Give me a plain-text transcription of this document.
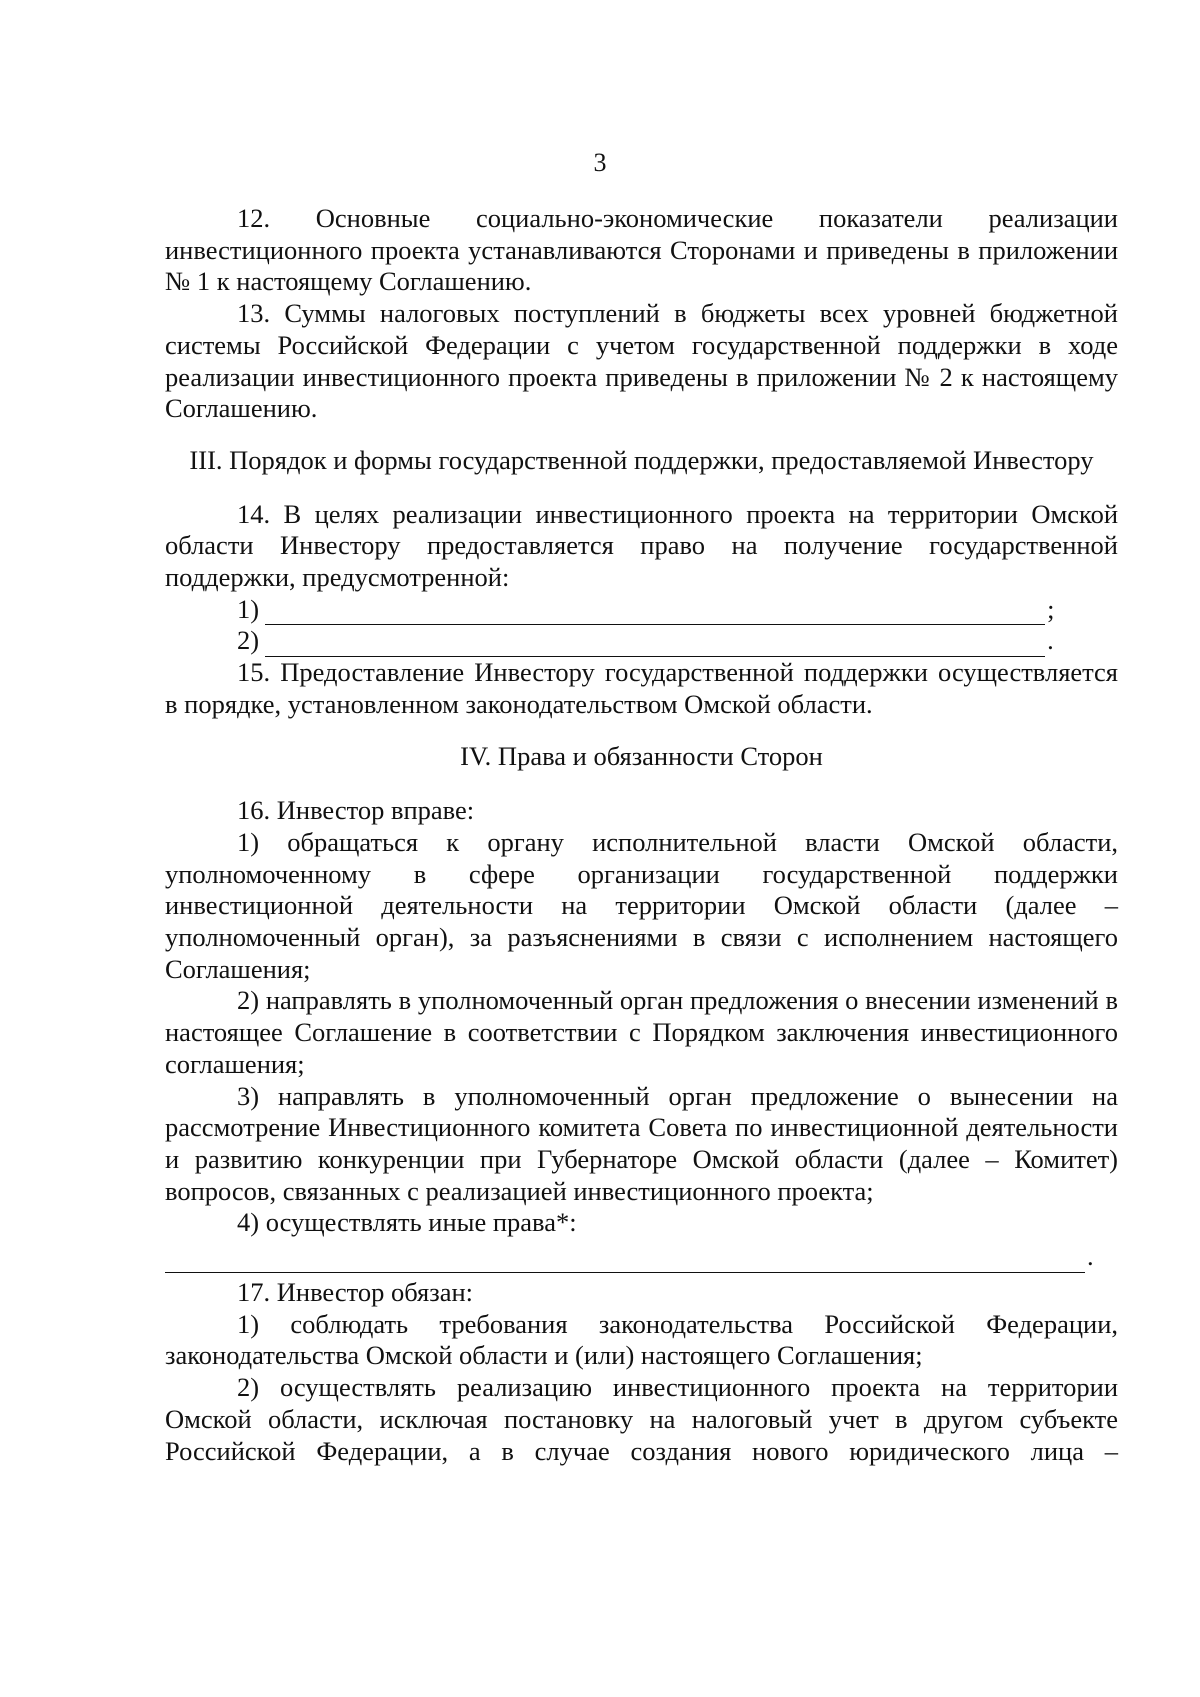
3

12. Основные социально-экономические показатели реализации инвестиционного проекта устанавливаются Сторонами и приведены в приложении № 1 к настоящему Соглашению.

13. Суммы налоговых поступлений в бюджеты всех уровней бюджетной системы Российской Федерации с учетом государственной поддержки в ходе реализации инвестиционного проекта приведены в приложении № 2 к настоящему Соглашению.

III. Порядок и формы государственной поддержки, предоставляемой Инвестору

14. В целях реализации инвестиционного проекта на территории Омской области Инвестору предоставляется право на получение государственной поддержки, предусмотренной:

1)	;
2)	.

15. Предоставление Инвестору государственной поддержки осуществляется в порядке, установленном законодательством Омской области.

IV. Права и обязанности Сторон

16. Инвестор вправе:

1) обращаться к органу исполнительной власти Омской области, уполномоченному в сфере организации государственной поддержки инвестиционной деятельности на территории Омской области (далее – уполномоченный орган), за разъяснениями в связи с исполнением настоящего Соглашения;

2) направлять в уполномоченный орган предложения о внесении изменений в настоящее Соглашение в соответствии с Порядком заключения инвестиционного соглашения;

3) направлять в уполномоченный орган предложение о вынесении на рассмотрение Инвестиционного комитета Совета по инвестиционной деятельности и развитию конкуренции при Губернаторе Омской области (далее – Комитет) вопросов, связанных с реализацией инвестиционного проекта;

4) осуществлять иные права*:

.

17. Инвестор обязан:

1) соблюдать требования законодательства Российской Федерации, законодательства Омской области и (или) настоящего Соглашения;

2) осуществлять реализацию инвестиционного проекта на территории Омской области, исключая постановку на налоговый учет в другом субъекте Российской Федерации, а в случае создания нового юридического лица –
